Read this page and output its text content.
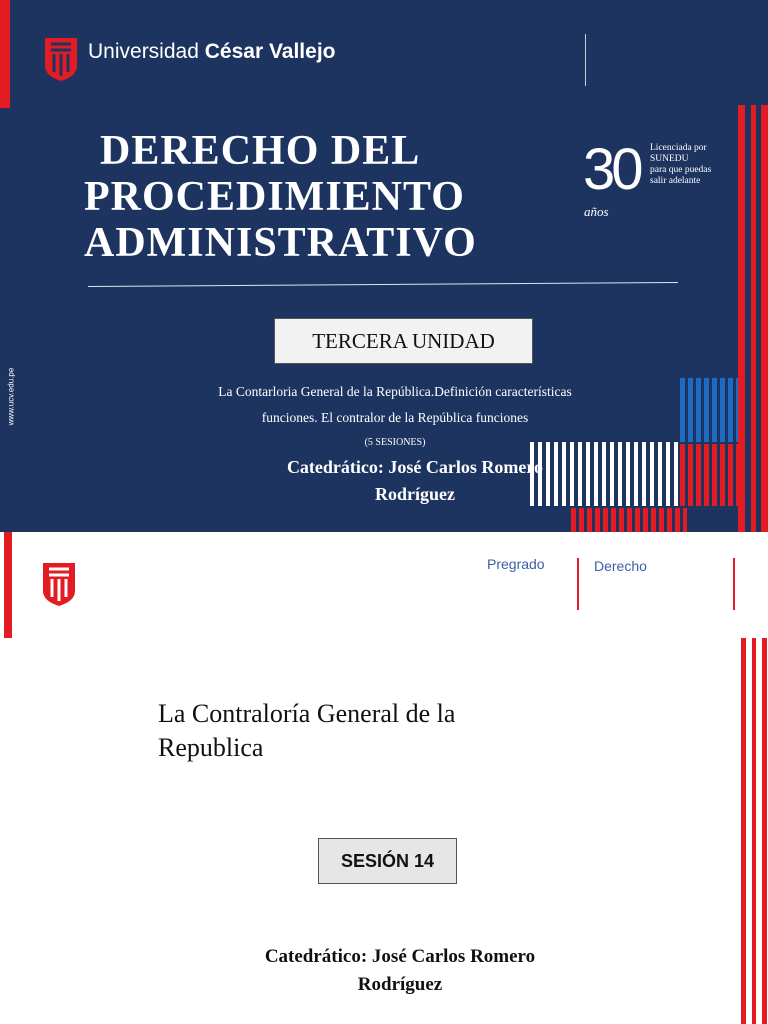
Universidad César Vallejo
30
años
Licenciada por
SUNEDU
para que puedas
salir adelante
DERECHO DEL
PROCEDIMIENTO
ADMINISTRATIVO
TERCERA UNIDAD
La Contarloria General de la República.Definición características
funciones. El contralor de la República funciones
(5 SESIONES)
Catedrático: José Carlos Romero
Rodríguez
www.ucv.edu.pe
Pregrado	Derecho
La Contraloría General de la
Republica
SESIÓN 14
Catedrático: José Carlos Romero
Rodríguez
